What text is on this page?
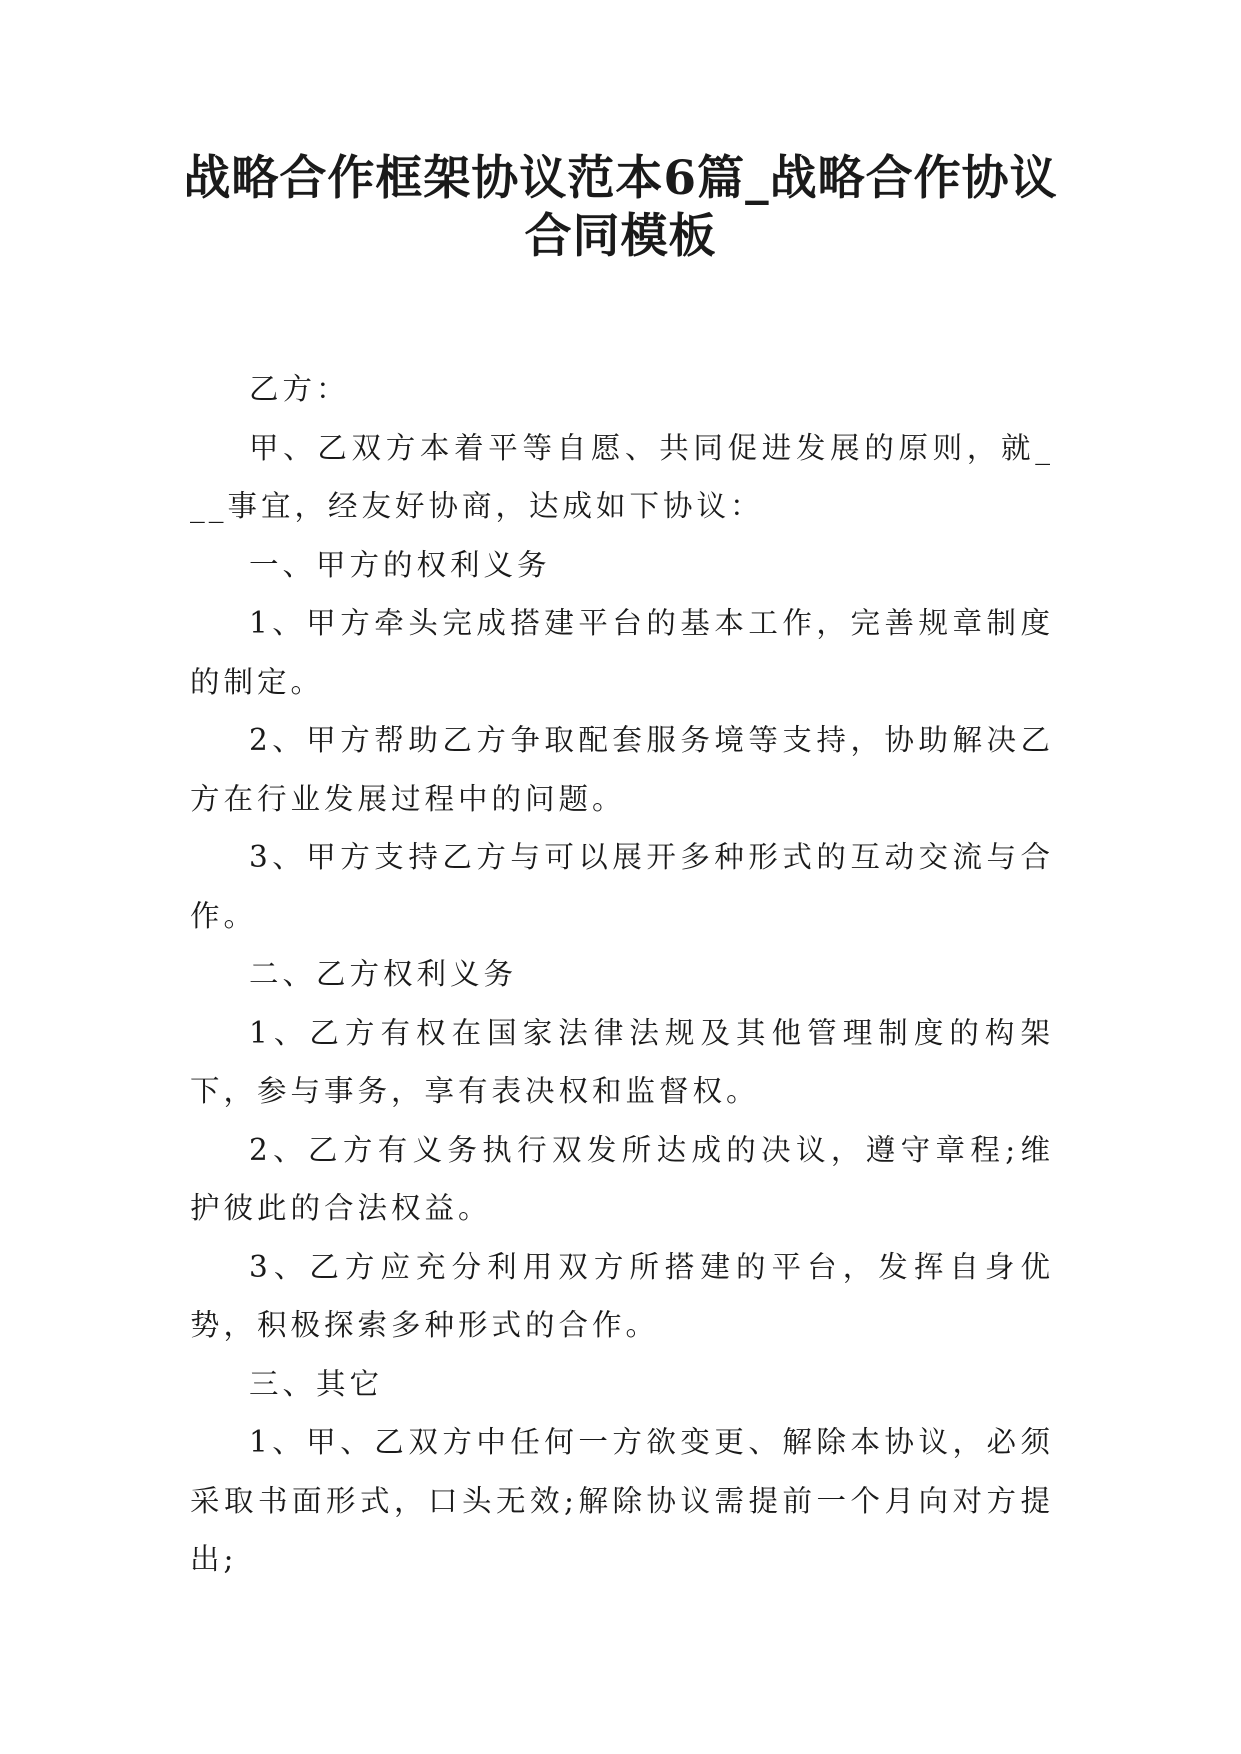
战略合作框架协议范本6篇_战略合作协议
合同模板

乙方：

甲、乙双方本着平等自愿、共同促进发展的原则，就___事宜，经友好协商，达成如下协议：

一、甲方的权利义务

1、甲方牵头完成搭建平台的基本工作，完善规章制度的制定。

2、甲方帮助乙方争取配套服务境等支持，协助解决乙方在行业发展过程中的问题。

3、甲方支持乙方与可以展开多种形式的互动交流与合作。

二、乙方权利义务

1、乙方有权在国家法律法规及其他管理制度的构架下，参与事务，享有表决权和监督权。

2、乙方有义务执行双发所达成的决议，遵守章程;维护彼此的合法权益。

3、乙方应充分利用双方所搭建的平台，发挥自身优势，积极探索多种形式的合作。

三、其它

1、甲、乙双方中任何一方欲变更、解除本协议，必须采取书面形式，口头无效;解除协议需提前一个月向对方提出;
